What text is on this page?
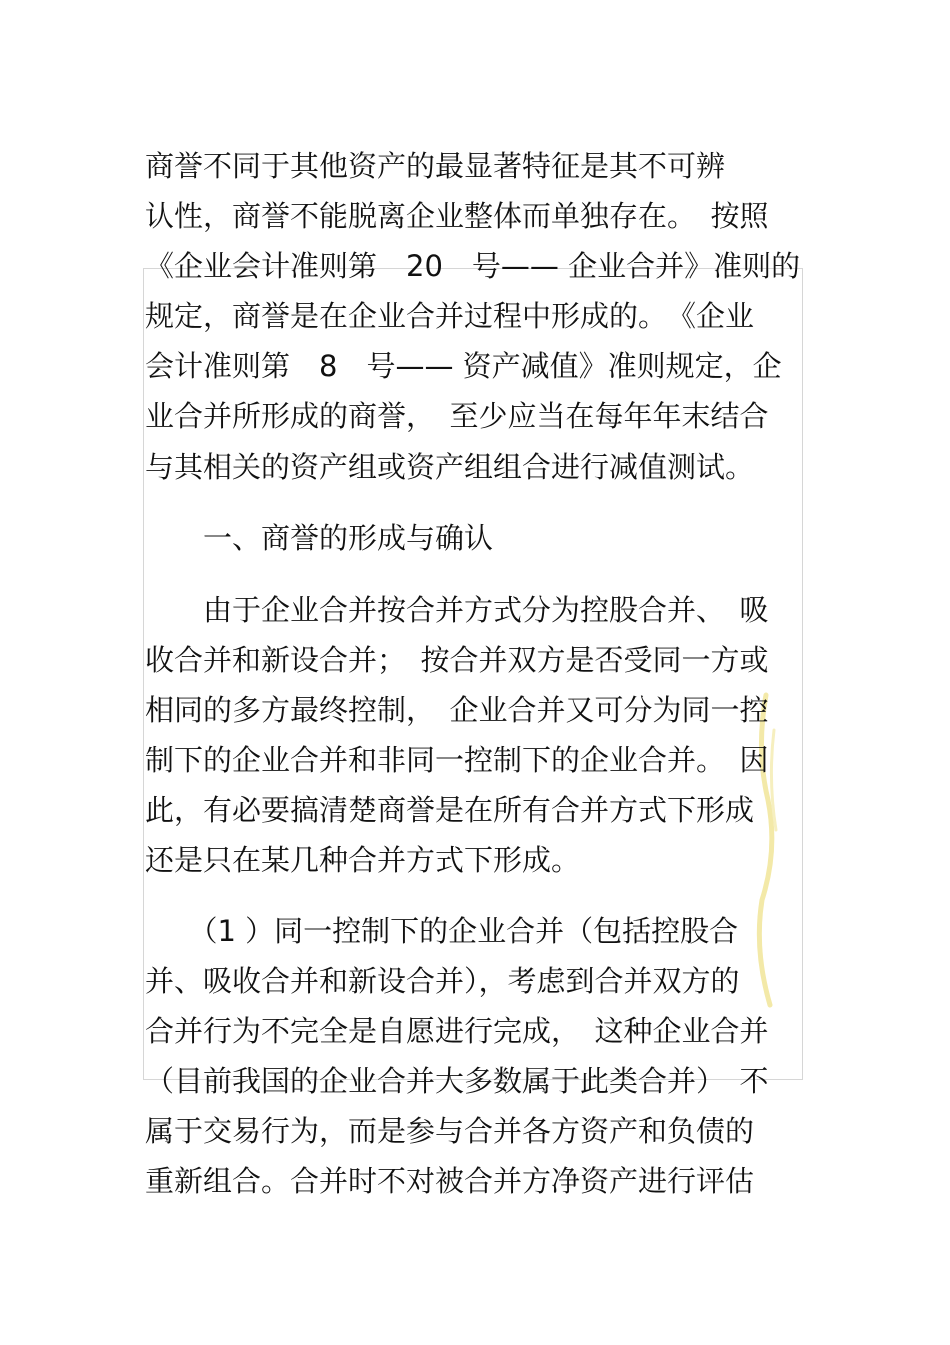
商誉不同于其他资产的最显著特征是其不可辨
认性，商誉不能脱离企业整体而单独存在。　按照
《企业会计准则第　20　号—— 企业合并》准则的
规定，商誉是在企业合并过程中形成的。　《企业
会计准则第　8　号—— 资产减值》准则规定，企
业合并所形成的商誉，　至少应当在每年年末结合
与其相关的资产组或资产组组合进行减值测试。
　　一、商誉的形成与确认
　　由于企业合并按合并方式分为控股合并、　吸
收合并和新设合并；　按合并双方是否受同一方或
相同的多方最终控制，　企业合并又可分为同一控
制下的企业合并和非同一控制下的企业合并。　因
此，有必要搞清楚商誉是在所有合并方式下形成
还是只在某几种合并方式下形成。
　　（1 ）同一控制下的企业合并（包括控股合
并、吸收合并和新设合并），考虑到合并双方的
合并行为不完全是自愿进行完成，　这种企业合并
（目前我国的企业合并大多数属于此类合并）　不
属于交易行为，而是参与合并各方资产和负债的
重新组合。合并时不对被合并方净资产进行评估
